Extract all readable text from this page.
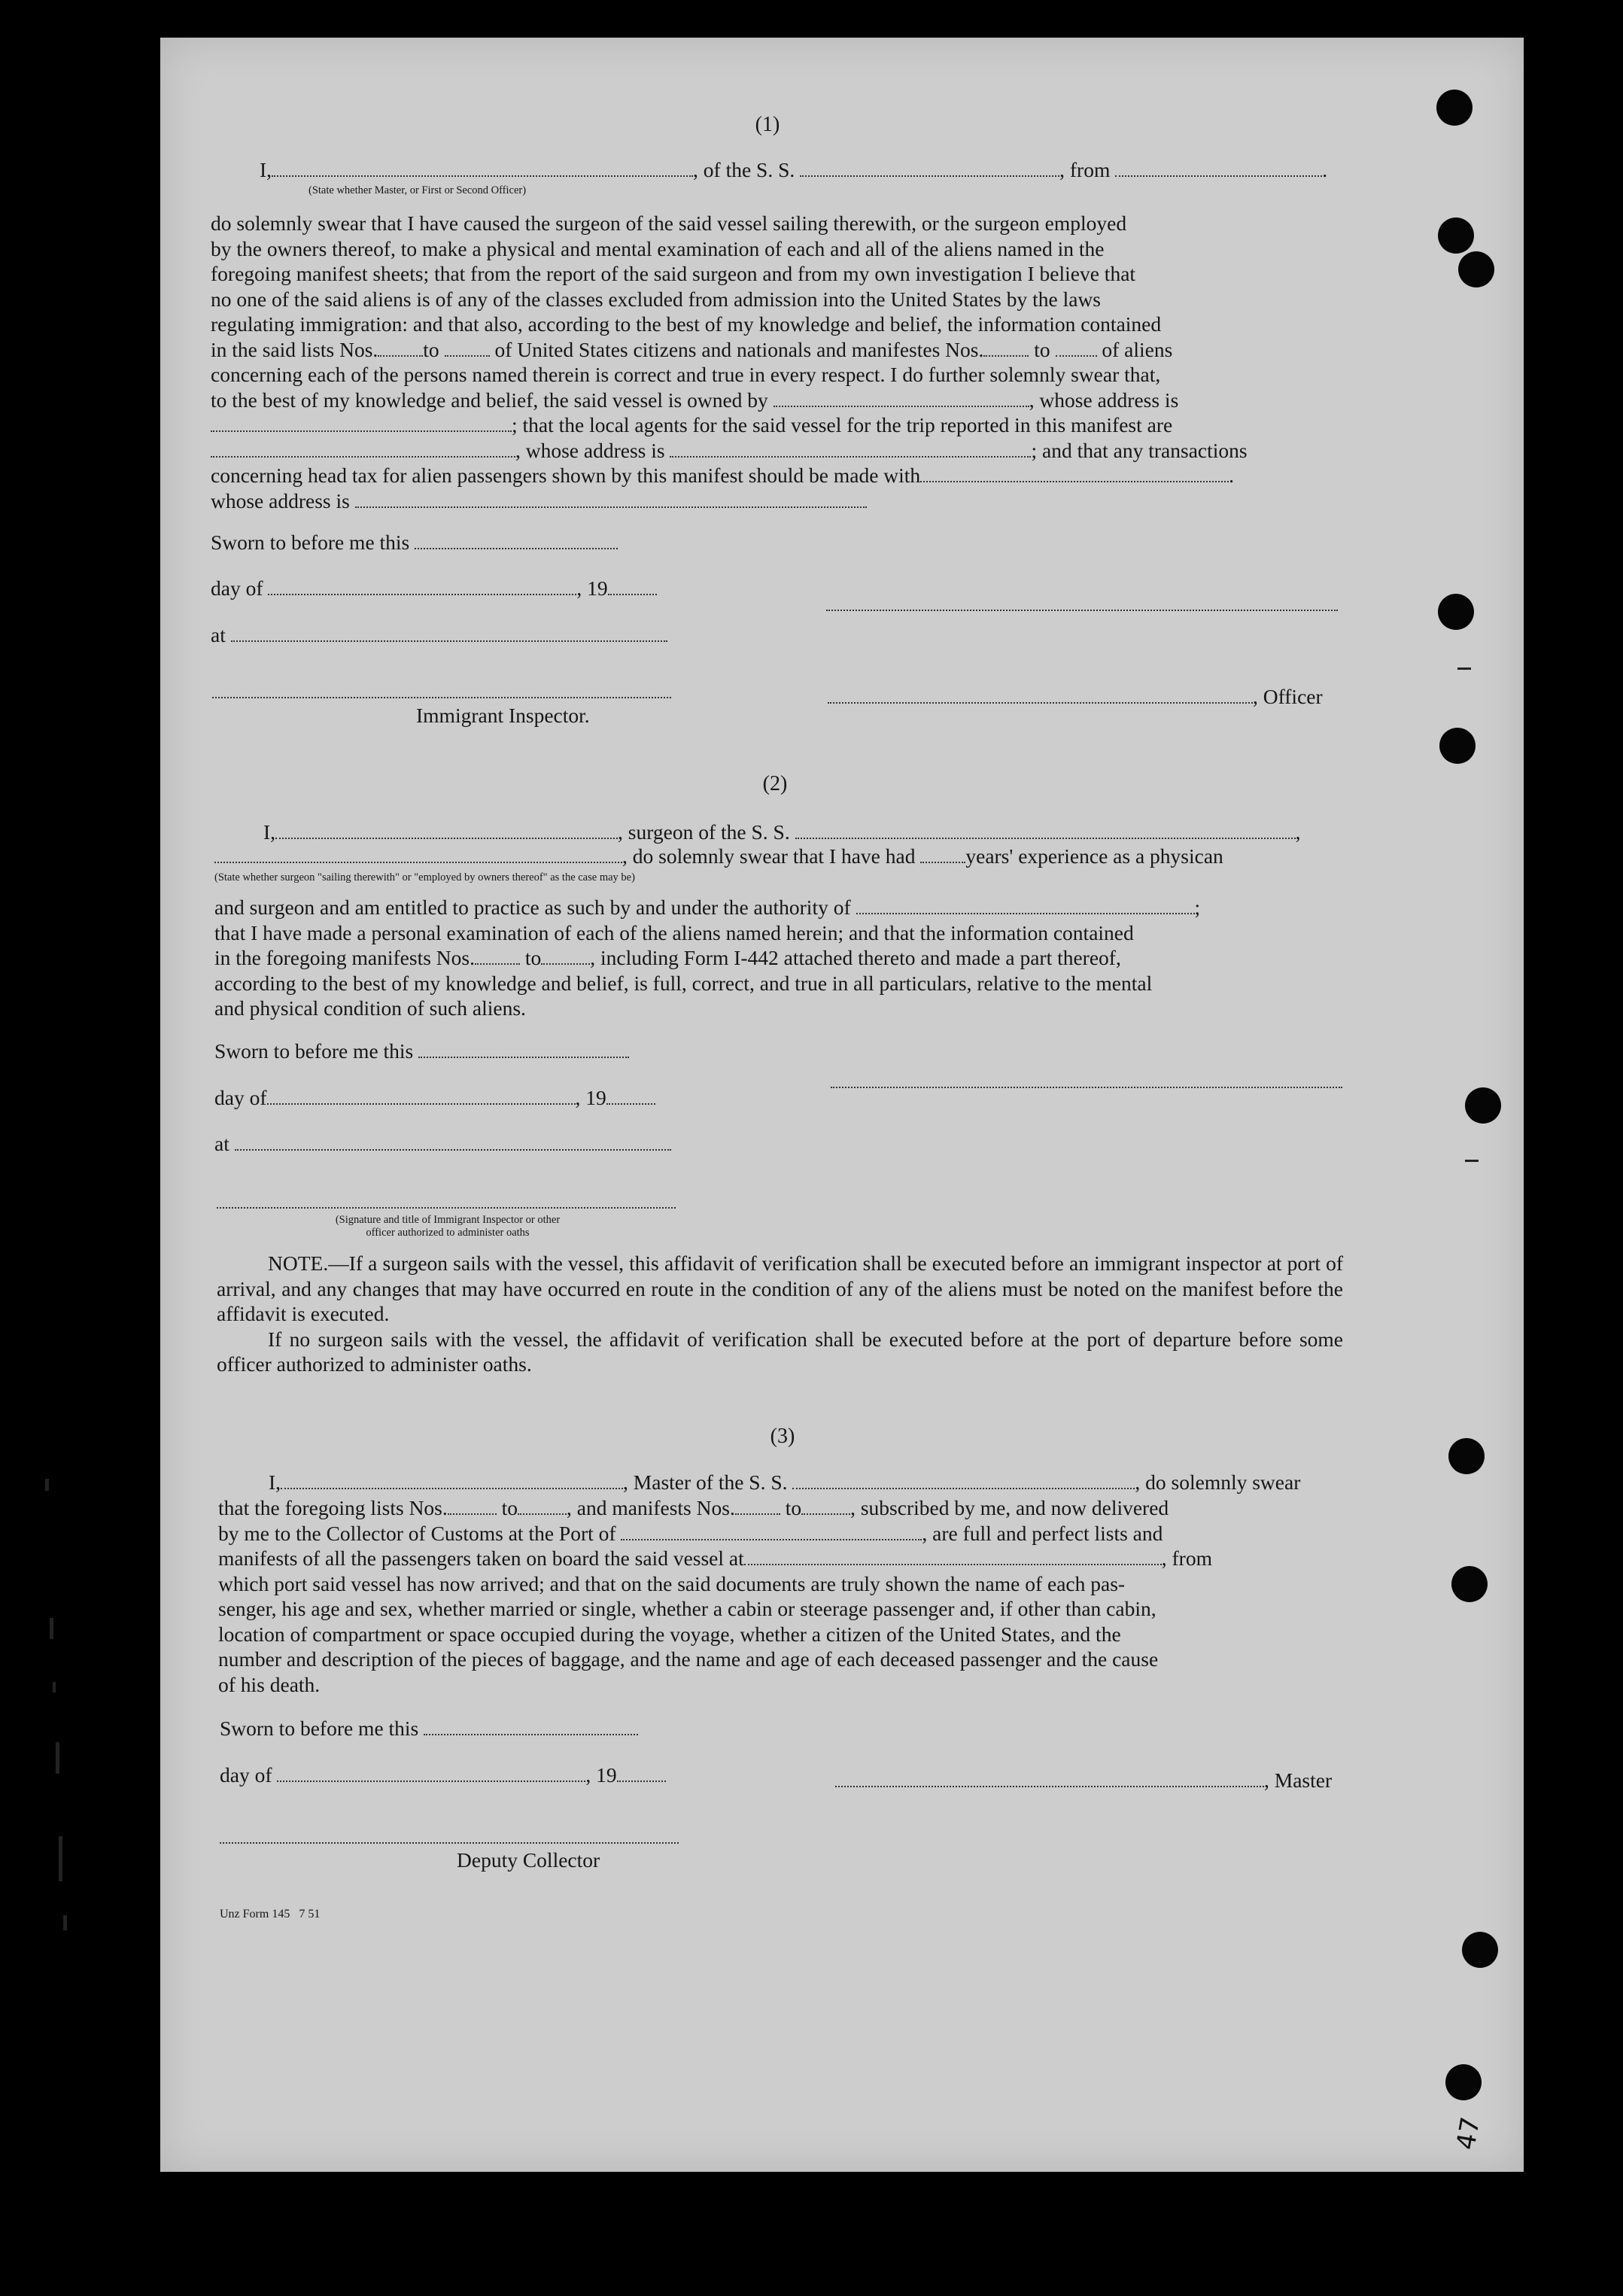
47
(1)
I,	, of the S. S.	, from	.
(State whether Master, or First or Second Officer)
do solemnly swear that I have caused the surgeon of the said vessel sailing therewith, or the surgeon employed
by the owners thereof, to make a physical and mental examination of each and all of the aliens named in the
foregoing manifest sheets; that from the report of the said surgeon and from my own investigation I believe that
no one of the said aliens is of any of the classes excluded from admission into the United States by the laws
regulating immigration: and that also, according to the best of my knowledge and belief, the information contained
in the said lists Nos. to	of United States citizens and nationals and manifestes Nos. to	of aliens
concerning each of the persons named therein is correct and true in every respect. I do further solemnly swear that,
to the best of my knowledge and belief, the said vessel is owned by	, whose address is
; that the local agents for the said vessel for the trip reported in this manifest are
, whose address is	; and that any transactions
concerning head tax for alien passengers shown by this manifest should be made with	.
whose address is
Sworn to before me this
day of	, 19
at
, Officer
Immigrant Inspector.
(2)
I,	, surgeon of the S. S.	,
, do solemnly swear that I have had years' experience as a physican
(State whether surgeon "sailing therewith" or "employed by owners thereof" as the case may be)
and surgeon and am entitled to practice as such by and under the authority of	;
that I have made a personal examination of each of the aliens named herein; and that the information contained
in the foregoing manifests Nos. to , including Form I-442 attached thereto and made a part thereof,
according to the best of my knowledge and belief, is full, correct, and true in all particulars, relative to the mental
and physical condition of such aliens.
Sworn to before me this
day of	, 19
at
(Signature and title of Immigrant Inspector or other
officer authorized to administer oaths
NOTE.—If a surgeon sails with the vessel, this affidavit of verification shall be executed before an immigrant inspector at port of arrival, and any changes that may have occurred en route in the condition of any of the aliens must be noted on the manifest before the affidavit is executed.
If no surgeon sails with the vessel, the affidavit of verification shall be executed before at the port of departure before some officer authorized to administer oaths.
(3)
I,	, Master of the S. S.	, do solemnly swear
that the foregoing lists Nos.	to , and manifests Nos. to , subscribed by me, and now delivered
by me to the Collector of Customs at the Port of	, are full and perfect lists and
manifests of all the passengers taken on board the said vessel at	, from
which port said vessel has now arrived; and that on the said documents are truly shown the name of each pas-
senger, his age and sex, whether married or single, whether a cabin or steerage passenger and, if other than cabin,
location of compartment or space occupied during the voyage, whether a citizen of the United States, and the
number and description of the pieces of baggage, and the name and age of each deceased passenger and the cause
of his death.
Sworn to before me this
day of	, 19	, Master
Deputy Collector
Unz Form 145   7 51
